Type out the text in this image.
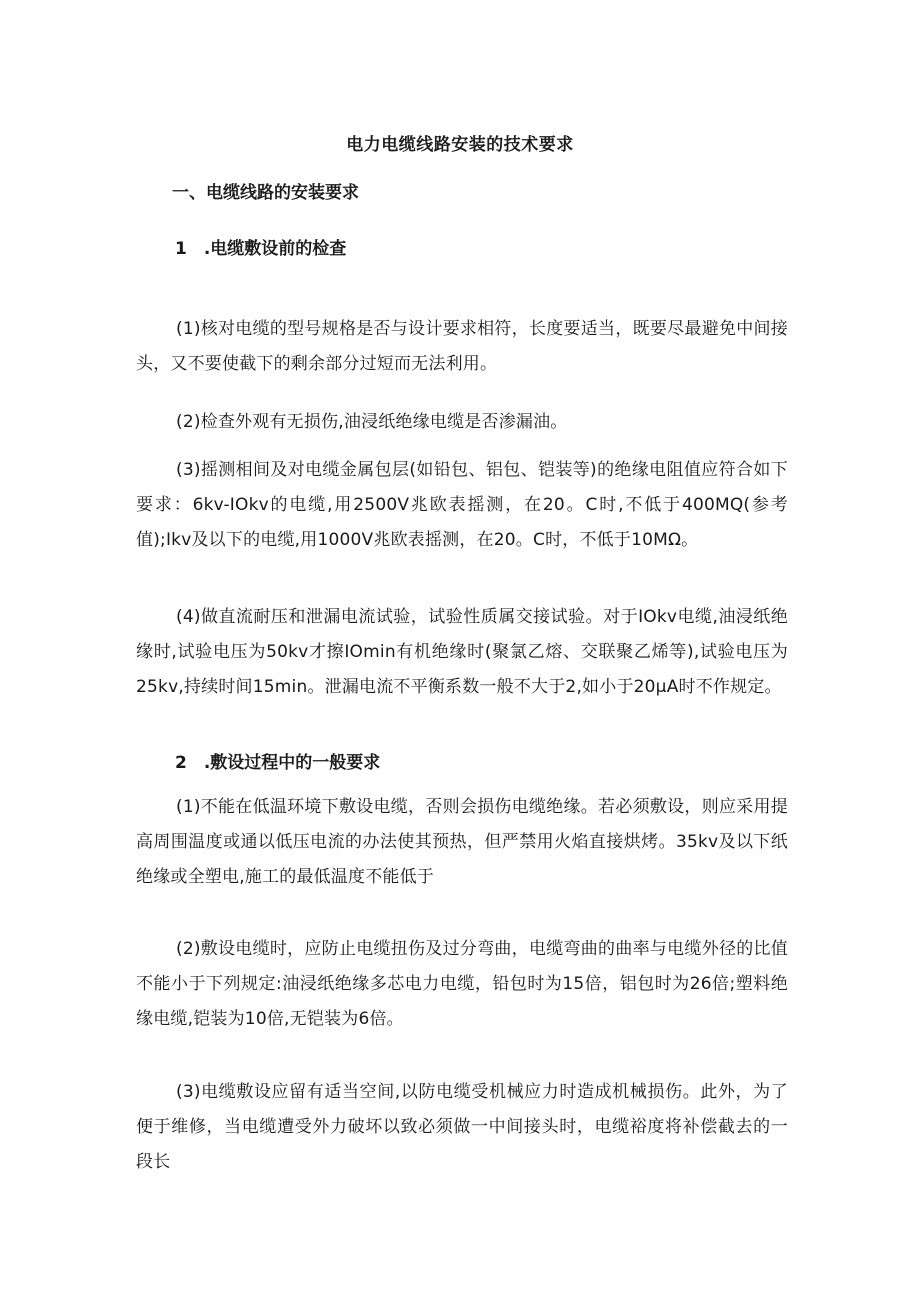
电力电缆线路安装的技术要求
一、电缆线路的安装要求
1　.电缆敷设前的检查
(1)核对电缆的型号规格是否与设计要求相符，长度要适当，既要尽最避免中间接头，又不要使截下的剩余部分过短而无法利用。
(2)检查外观有无损伤,油浸纸绝缘电缆是否渗漏油。
(3)摇测相间及对电缆金属包层(如铅包、铝包、铠装等)的绝缘电阻值应符合如下要求：6kv-IOkv的电缆,用2500V兆欧表摇测，在20。C时,不低于400MQ(参考值);Ikv及以下的电缆,用1000V兆欧表摇测，在20。C时，不低于10MΩ。
(4)做直流耐压和泄漏电流试验，试验性质属交接试验。对于IOkv电缆,油浸纸绝缘时,试验电压为50kv才擦IOmin有机绝缘时(聚氯乙熔、交联聚乙烯等),试验电压为25kv,持续时间15min。泄漏电流不平衡系数一般不大于2,如小于20μA时不作规定。
2　.敷设过程中的一般要求
(1)不能在低温环境下敷设电缆，否则会损伤电缆绝缘。若必须敷设，则应采用提高周围温度或通以低压电流的办法使其预热，但严禁用火焰直接烘烤。35kv及以下纸绝缘或全塑电,施工的最低温度不能低于
(2)敷设电缆时，应防止电缆扭伤及过分弯曲，电缆弯曲的曲率与电缆外径的比值不能小于下列规定:油浸纸绝缘多芯电力电缆，铅包时为15倍，铝包时为26倍;塑料绝缘电缆,铠装为10倍,无铠装为6倍。
(3)电缆敷设应留有适当空间,以防电缆受机械应力时造成机械损伤。此外，为了便于维修，当电缆遭受外力破坏以致必须做一中间接头时，电缆裕度将补偿截去的一段长
